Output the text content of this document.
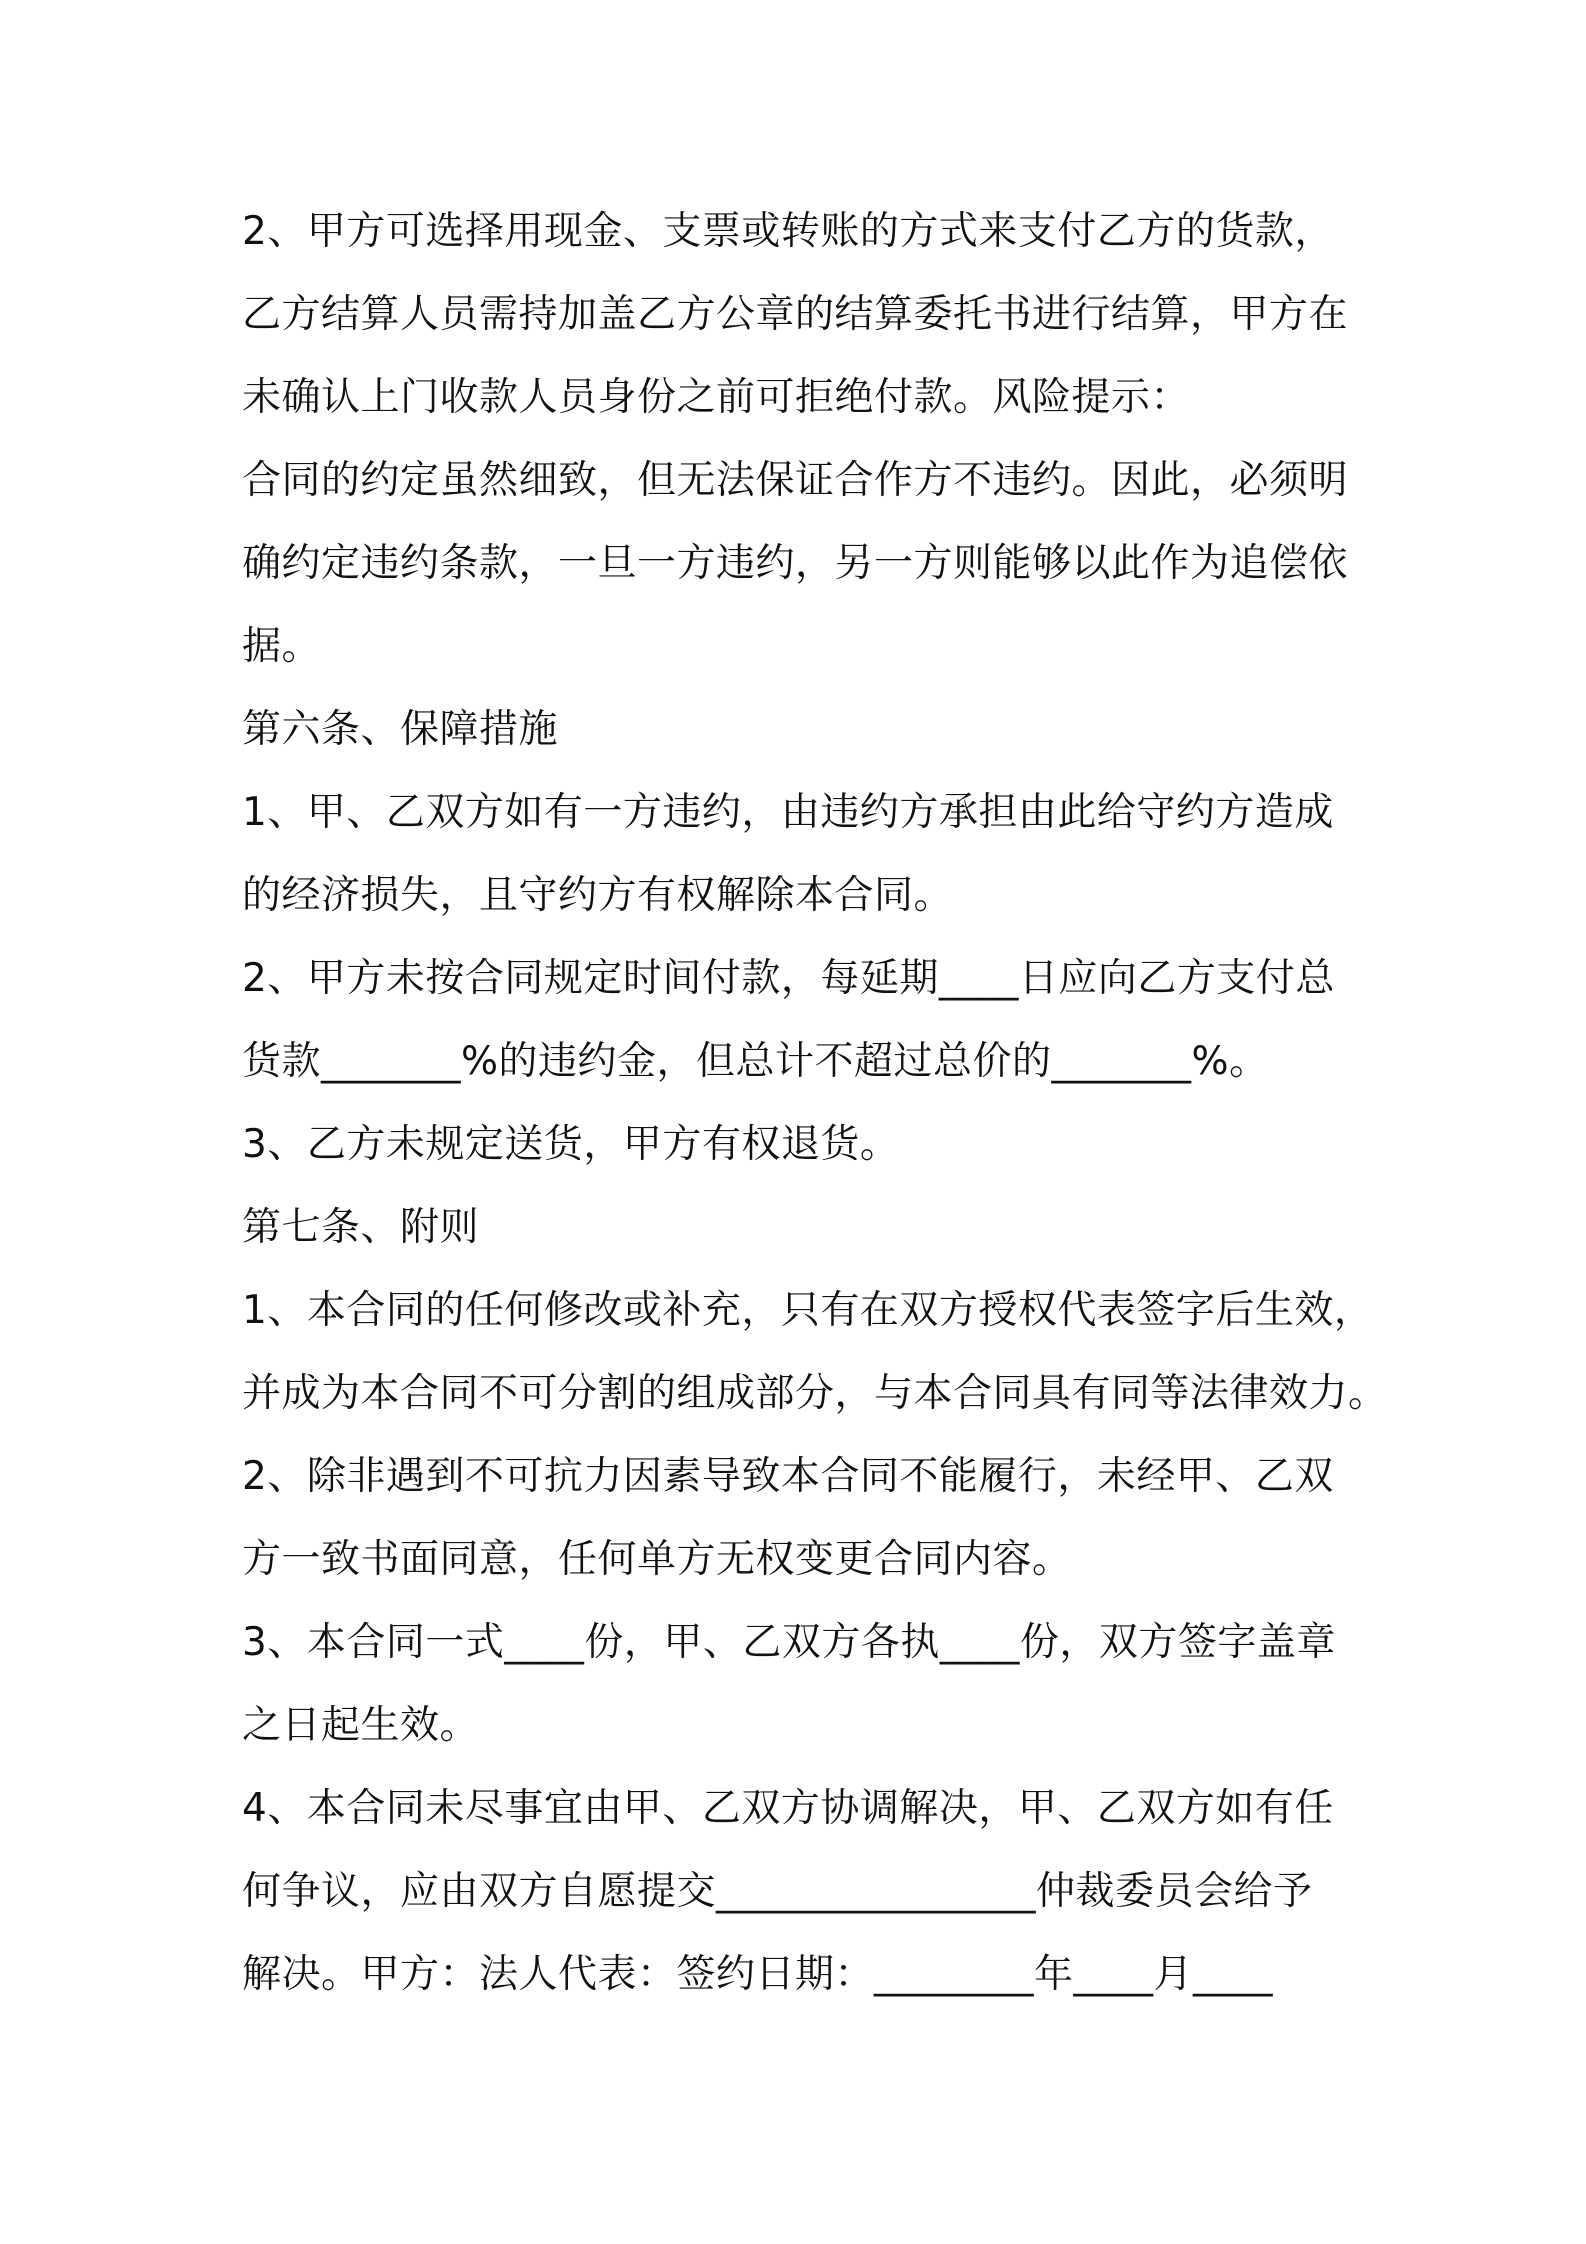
2、甲方可选择用现金、支票或转账的方式来支付乙方的货款，
乙方结算人员需持加盖乙方公章的结算委托书进行结算，甲方在
未确认上门收款人员身份之前可拒绝付款。风险提示：
合同的约定虽然细致，但无法保证合作方不违约。因此，必须明
确约定违约条款，一旦一方违约，另一方则能够以此作为追偿依
据。
第六条、保障措施
1、甲、乙双方如有一方违约，由违约方承担由此给守约方造成
的经济损失，且守约方有权解除本合同。
2、甲方未按合同规定时间付款，每延期____日应向乙方支付总
货款_______%的违约金，但总计不超过总价的_______%。
3、乙方未规定送货，甲方有权退货。
第七条、附则
1、本合同的任何修改或补充，只有在双方授权代表签字后生效，
并成为本合同不可分割的组成部分，与本合同具有同等法律效力。
2、除非遇到不可抗力因素导致本合同不能履行，未经甲、乙双
方一致书面同意，任何单方无权变更合同内容。
3、本合同一式____份，甲、乙双方各执____份，双方签字盖章
之日起生效。
4、本合同未尽事宜由甲、乙双方协调解决，甲、乙双方如有任
何争议，应由双方自愿提交________________仲裁委员会给予
解决。甲方：法人代表：签约日期：________年____月____
